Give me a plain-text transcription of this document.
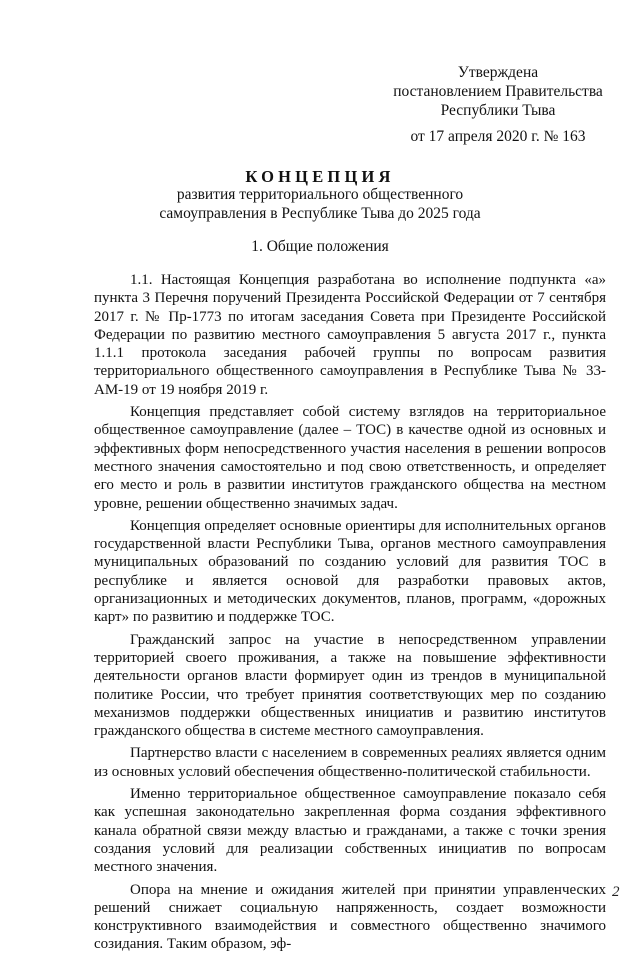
Утверждена
постановлением Правительства
Республики Тыва
от 17 апреля 2020 г. № 163
КОНЦЕПЦИЯ
развития территориального общественного
самоуправления в Республике Тыва до 2025 года
1. Общие положения

1.1. Настоящая Концепция разработана во исполнение подпункта «а» пункта 3 Перечня поручений Президента Российской Федерации от 7 сентября 2017 г. № Пр-1773 по итогам заседания Совета при Президенте Российской Федерации по развитию местного самоуправления 5 августа 2017 г., пункта 1.1.1 протокола заседания рабочей группы по вопросам развития территориального общественного самоуправления в Республике Тыва № 33-АМ-19 от 19 ноября 2019 г.

Концепция представляет собой систему взглядов на территориальное общественное самоуправление (далее – ТОС) в качестве одной из основных и эффективных форм непосредственного участия населения в решении вопросов местного значения самостоятельно и под свою ответственность, и определяет его место и роль в развитии институтов гражданского общества на местном уровне, решении общественно значимых задач.

Концепция определяет основные ориентиры для исполнительных органов государственной власти Республики Тыва, органов местного самоуправления муниципальных образований по созданию условий для развития ТОС в республике и является основой для разработки правовых актов, организационных и методических документов, планов, программ, «дорожных карт» по развитию и поддержке ТОС.

Гражданский запрос на участие в непосредственном управлении территорией своего проживания, а также на повышение эффективности деятельности органов власти формирует один из трендов в муниципальной политике России, что требует принятия соответствующих мер по созданию механизмов поддержки общественных инициатив и развитию институтов гражданского общества в системе местного самоуправления.

Партнерство власти с населением в современных реалиях является одним из основных условий обеспечения общественно-политической стабильности.

Именно территориальное общественное самоуправление показало себя как успешная законодательно закрепленная форма создания эффективного канала обратной связи между властью и гражданами, а также с точки зрения создания условий для реализации собственных инициатив по вопросам местного значения.

Опора на мнение и ожидания жителей при принятии управленческих решений снижает социальную напряженность, создает возможности конструктивного взаимодействия и совместного общественно значимого созидания. Таким образом, эф-

2
